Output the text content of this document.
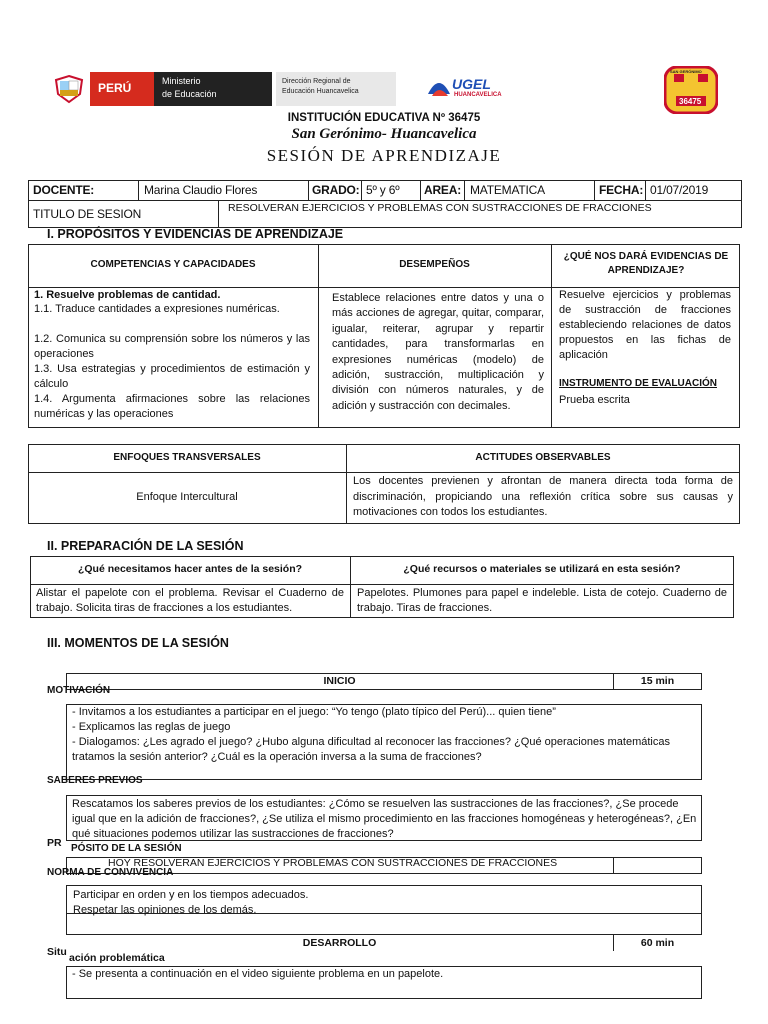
PERÚ	Ministerio
de Educación
Dirección Regional de
Educación Huancavelica	UGEL
HUANCAVELICA
SAN GERÓNIMO
36475
INSTITUCIÓN EDUCATIVA Nº 36475
San Gerónimo- Huancavelica
SESIÓN DE APRENDIZAJE
DOCENTE:	Marina Claudio Flores	GRADO: 5º y 6º AREA: MATEMATICA	FECHA: 01/07/2019
TITULO DE SESION	RESOLVERAN EJERCICIOS Y PROBLEMAS CON SUSTRACCIONES DE FRACCIONES
I. PROPÓSITOS Y EVIDENCIAS DE APRENDIZAJE
COMPETENCIAS Y CAPACIDADES	DESEMPEÑOS
¿QUÉ NOS DARÁ EVIDENCIAS DE APRENDIZAJE?
1. Resuelve problemas de cantidad.
1.1. Traduce cantidades a expresiones numéricas.
1.2. Comunica su comprensión sobre los números y las operaciones
1.3. Usa estrategias y procedimientos de estimación y cálculo
1.4. Argumenta afirmaciones sobre las relaciones numéricas y las operaciones
Establece relaciones entre datos y una o más acciones de agregar, quitar, comparar, igualar, reiterar, agrupar y repartir cantidades, para transformarlas en expresiones numéricas (modelo) de adición, sustracción, multiplicación y división con números naturales, y de adición y sustracción con decimales.
Resuelve ejercicios y problemas de sustracción de fracciones estableciendo relaciones de datos propuestos en las fichas de aplicación
INSTRUMENTO DE EVALUACIÓN
Prueba escrita
ENFOQUES TRANSVERSALES	ACTITUDES OBSERVABLES
Enfoque Intercultural
Los docentes previenen y afrontan de manera directa toda forma de discriminación, propiciando una reflexión crítica sobre sus causas y motivaciones con todos los estudiantes.
II. PREPARACIÓN DE LA SESIÓN
¿Qué necesitamos hacer antes de la sesión?	¿Qué recursos o materiales se utilizará en esta sesión?
Alistar el papelote con el problema. Revisar el Cuaderno de trabajo. Solicita tiras de fracciones a los estudiantes.
Papelotes. Plumones para papel e indeleble. Lista de cotejo. Cuaderno de trabajo. Tiras de fracciones.
III. MOMENTOS DE LA SESIÓN
INICIO	15 min
MOTIVACIÓN
- Invitamos a los estudiantes a participar en el juego: “Yo tengo (plato típico del Perú)... quien tiene”
- Explicamos las reglas de juego
- Dialogamos: ¿Les agrado el juego? ¿Hubo alguna dificultad al reconocer las fracciones? ¿Qué operaciones matemáticas tratamos la sesión anterior? ¿Cuál es la operación inversa a la suma de fracciones?
SABERES PREVIOS
Rescatamos los saberes previos de los estudiantes: ¿Cómo se resuelven las sustracciones de las fracciones?, ¿Se procede igual que en la adición de fracciones?, ¿Se utiliza el mismo procedimiento en las fracciones homogéneas y heterogéneas?, ¿En qué situaciones podemos utilizar las sustracciones de fracciones?
PR PÓSITO DE LA SESIÓN
HOY RESOLVERAN EJERCICIOS Y PROBLEMAS CON SUSTRACCIONES DE FRACCIONES
NORMA DE CONVIVENCIA
Participar en orden y en los tiempos adecuados.
Respetar las opiniones de los demás.
DESARROLLO	60 min
Situ ación problemática
- Se presenta a continuación en el video siguiente problema en un papelote.
